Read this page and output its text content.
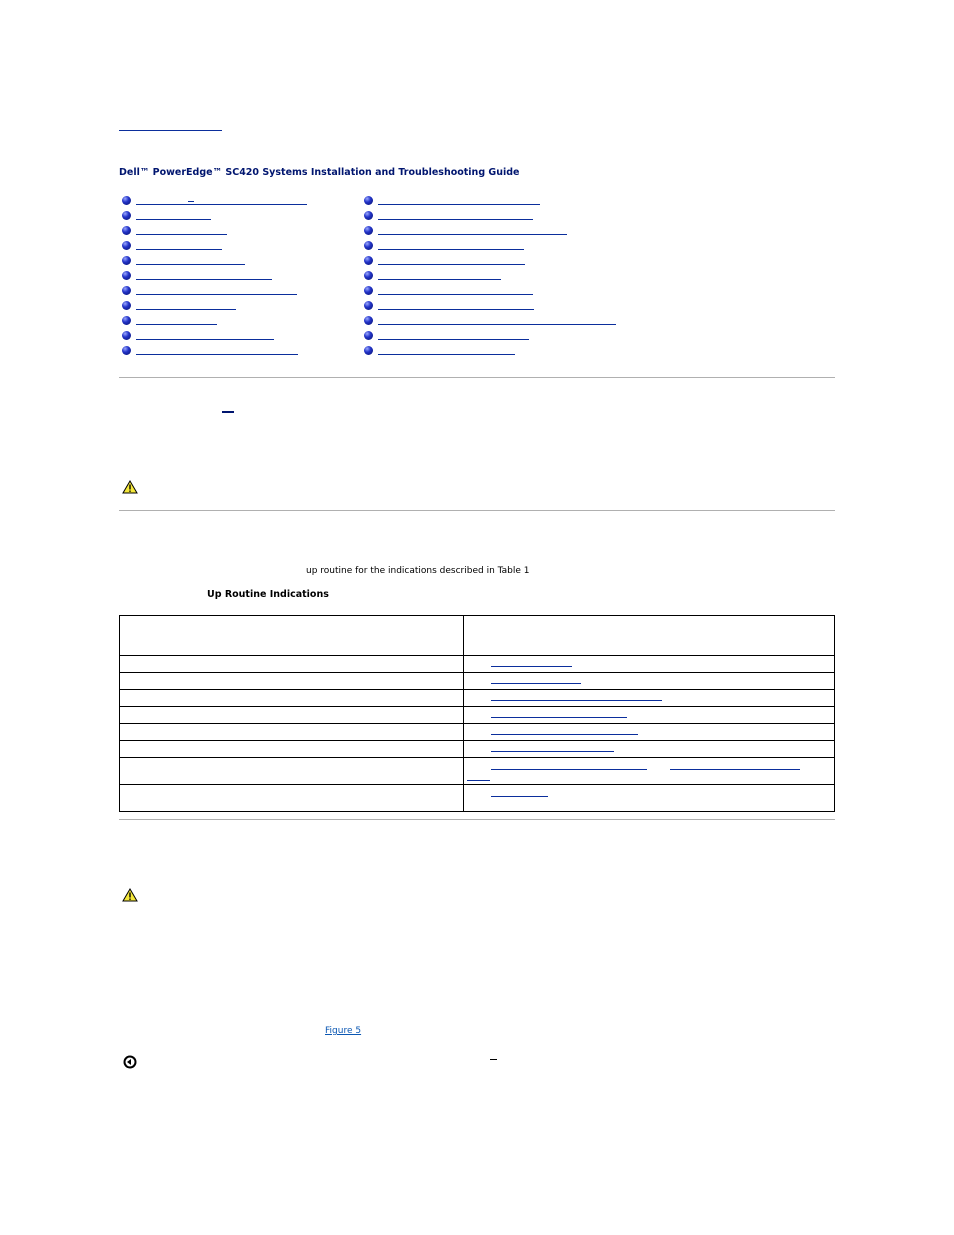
Dell™ PowerEdge™ SC420 Systems Installation and Troubleshooting Guide
up routine for the indications described in Table 1
Up Routine Indications

Figure 5
